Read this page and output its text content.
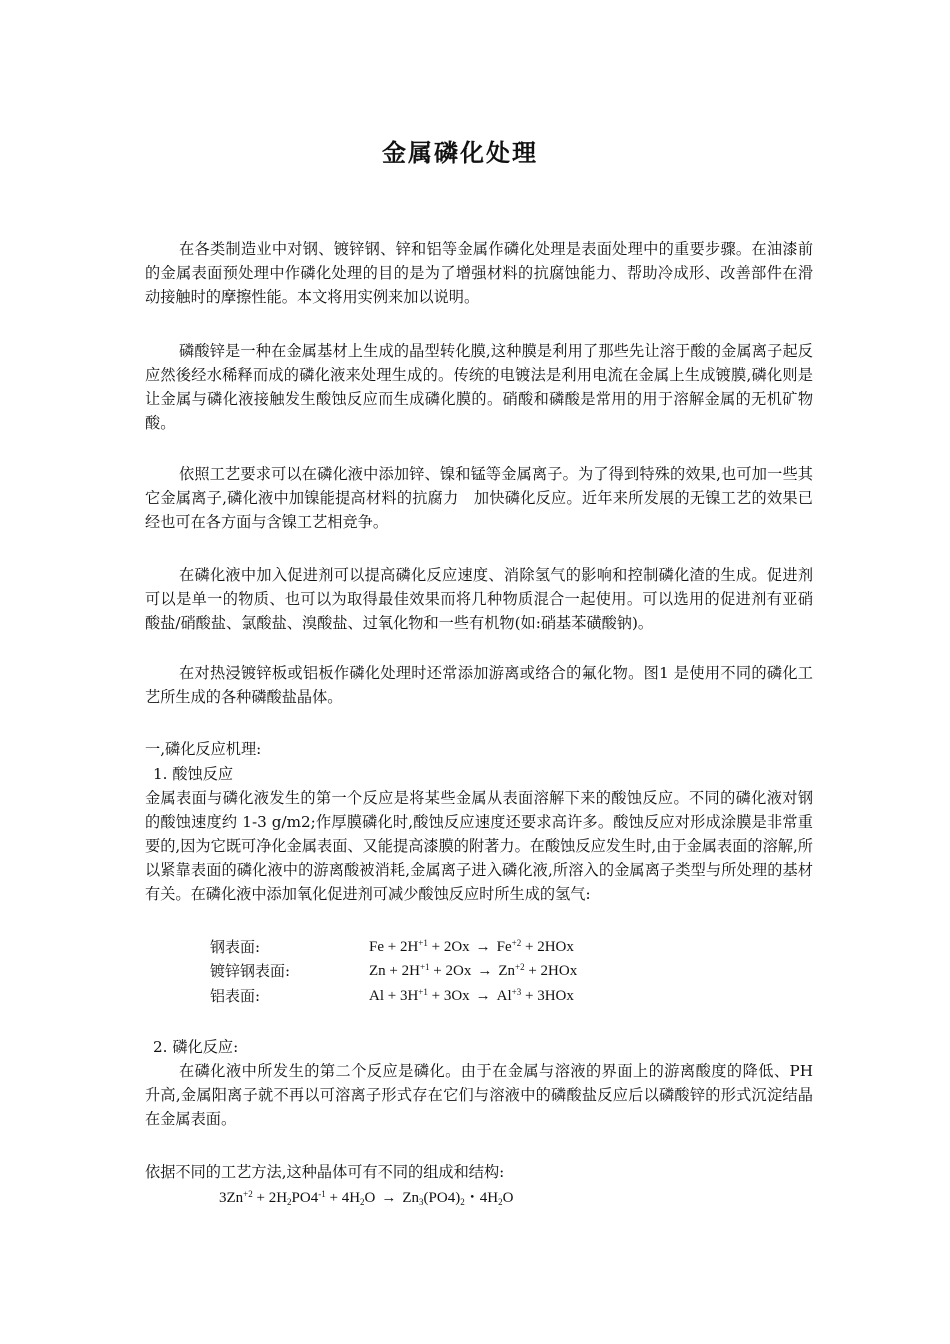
金属磷化处理

在各类制造业中对钢、镀锌钢、锌和铝等金属作磷化处理是表面处理中的重要步骤。在油漆前的金属表面预处理中作磷化处理的目的是为了增强材料的抗腐蚀能力、帮助冷成形、改善部件在滑动接触时的摩擦性能。本文将用实例来加以说明。

磷酸锌是一种在金属基材上生成的晶型转化膜,这种膜是利用了那些先让溶于酸的金属离子起反应然後经水稀释而成的磷化液来处理生成的。传统的电镀法是利用电流在金属上生成镀膜,磷化则是让金属与磷化液接触发生酸蚀反应而生成磷化膜的。硝酸和磷酸是常用的用于溶解金属的无机矿物酸。

依照工艺要求可以在磷化液中添加锌、镍和锰等金属离子。为了得到特殊的效果,也可加一些其它金属离子,磷化液中加镍能提高材料的抗腐力　加快磷化反应。近年来所发展的无镍工艺的效果已经也可在各方面与含镍工艺相竞争。

在磷化液中加入促进剂可以提高磷化反应速度、消除氢气的影响和控制磷化渣的生成。促进剂可以是单一的物质、也可以为取得最佳效果而将几种物质混合一起使用。可以选用的促进剂有亚硝酸盐/硝酸盐、氯酸盐、溴酸盐、过氧化物和一些有机物(如:硝基苯磺酸钠)。

在对热浸镀锌板或铝板作磷化处理时还常添加游离或络合的氟化物。图1 是使用不同的磷化工艺所生成的各种磷酸盐晶体。

一,磷化反应机理:
1. 酸蚀反应

金属表面与磷化液发生的第一个反应是将某些金属从表面溶解下来的酸蚀反应。不同的磷化液对钢的酸蚀速度约 1-3 g/m2;作厚膜磷化时,酸蚀反应速度还要求高许多。酸蚀反应对形成涂膜是非常重要的,因为它既可净化金属表面、又能提高漆膜的附著力。在酸蚀反应发生时,由于金属表面的溶解,所以紧靠表面的磷化液中的游离酸被消耗,金属离子进入磷化液,所溶入的金属离子类型与所处理的基材有关。在磷化液中添加氧化促进剂可减少酸蚀反应时所生成的氢气:

钢表面:	$Fe + 2H^{+1} + 2Ox \to Fe^{+2} + 2HOx$
镀锌钢表面:	$Zn + 2H^{+1} + 2Ox \to Zn^{+2} + 2HOx$
铝表面:	$Al + 3H^{+1} + 3Ox \to Al^{+3} + 3HOx$
2. 磷化反应:

在磷化液中所发生的第二个反应是磷化。由于在金属与溶液的界面上的游离酸度的降低、PH 升高,金属阳离子就不再以可溶离子形式存在它们与溶液中的磷酸盐反应后以磷酸锌的形式沉淀结晶在金属表面。

依据不同的工艺方法,这种晶体可有不同的组成和结构:
$3Zn^{+2} + 2H_2PO4^{-1} + 4H_2O \to Zn_3(PO4)_2$・$4H_2O$
